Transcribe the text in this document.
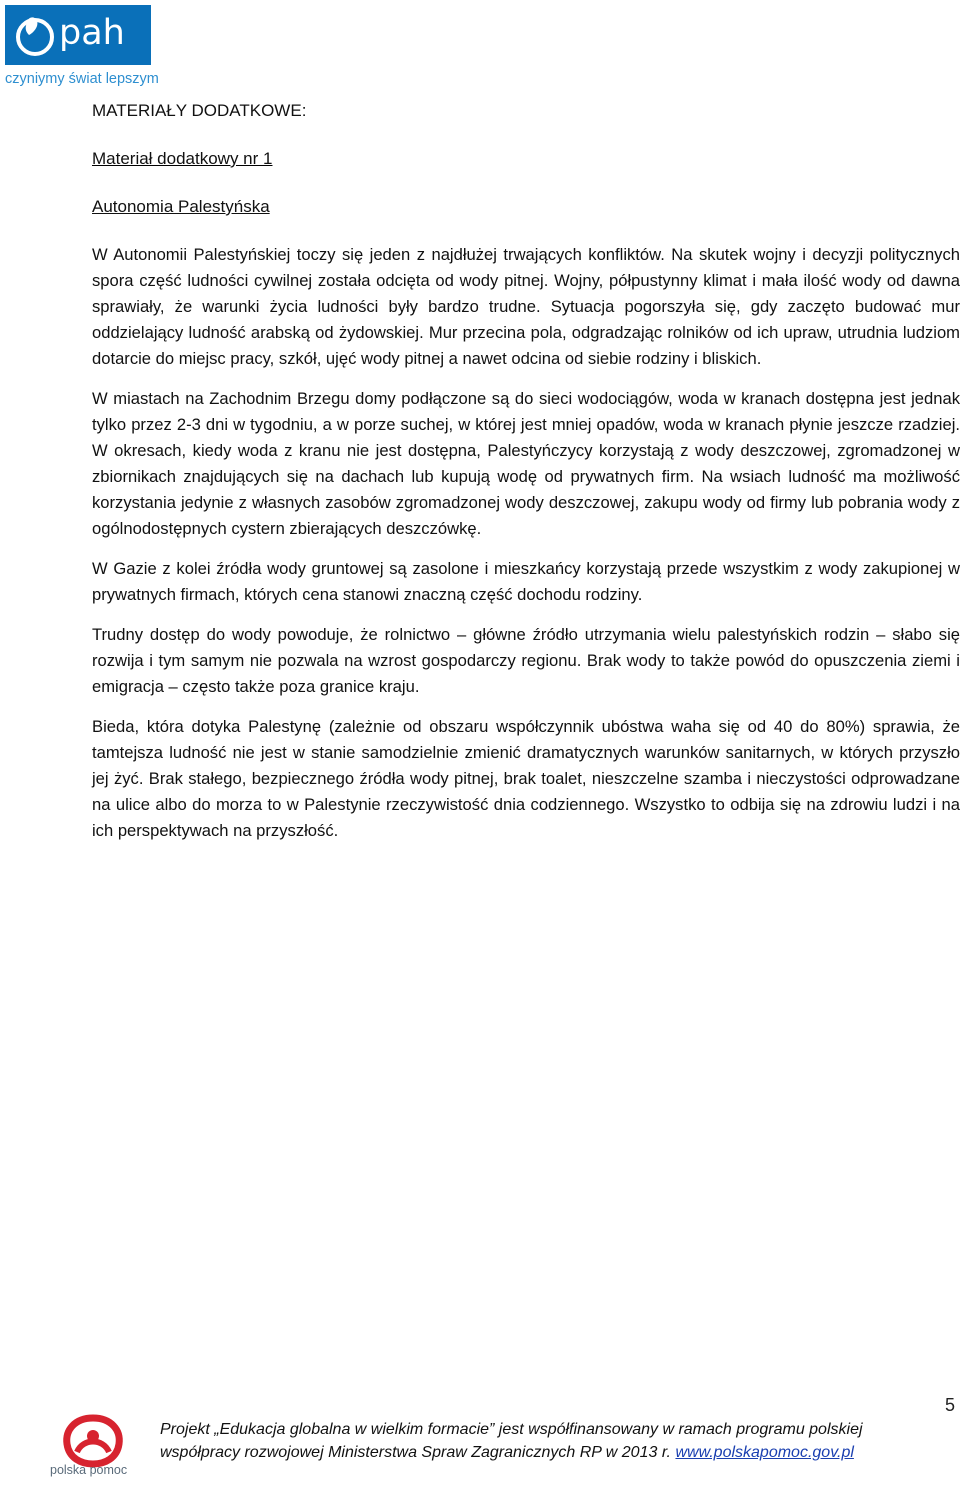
pah
czyniymy świat lepszym

MATERIAŁY DODATKOWE:

Materiał dodatkowy nr 1

Autonomia Palestyńska

W Autonomii Palestyńskiej toczy się jeden z najdłużej trwających konfliktów. Na skutek wojny i decyzji politycznych spora część ludności cywilnej została odcięta od wody pitnej. Wojny, półpustynny klimat i mała ilość wody od dawna sprawiały, że warunki życia ludności były bardzo trudne. Sytuacja pogorszyła się, gdy zaczęto budować mur oddzielający ludność arabską od żydowskiej. Mur przecina pola, odgradzając rolników od ich upraw, utrudnia ludziom dotarcie do miejsc pracy, szkół, ujęć wody pitnej a nawet odcina od siebie rodziny i bliskich.

W miastach na Zachodnim Brzegu domy podłączone są do sieci wodociągów, woda w kranach dostępna jest jednak tylko przez 2-3 dni w tygodniu, a w porze suchej, w której jest mniej opadów, woda w kranach płynie jeszcze rzadziej. W okresach, kiedy woda z kranu nie jest dostępna, Palestyńczycy korzystają z wody deszczowej, zgromadzonej w zbiornikach znajdujących się na dachach lub kupują wodę od prywatnych firm. Na wsiach ludność ma możliwość korzystania jedynie z własnych zasobów zgromadzonej wody deszczowej, zakupu wody od firmy lub pobrania wody z ogólnodostępnych cystern zbierających deszczówkę.

W Gazie z kolei źródła wody gruntowej są zasolone i mieszkańcy korzystają przede wszystkim z wody zakupionej w prywatnych firmach, których cena stanowi znaczną część dochodu rodziny.

Trudny dostęp do wody powoduje, że rolnictwo – główne źródło utrzymania wielu palestyńskich rodzin – słabo się rozwija i tym samym nie pozwala na wzrost gospodarczy regionu. Brak wody to także powód do opuszczenia ziemi i emigracja – często także poza granice kraju.

Bieda, która dotyka Palestynę (zależnie od obszaru współczynnik ubóstwa waha się od 40 do 80%) sprawia, że tamtejsza ludność nie jest w stanie samodzielnie zmienić dramatycznych warunków sanitarnych, w których przyszło jej żyć. Brak stałego, bezpiecznego źródła wody pitnej, brak toalet, nieszczelne szamba i nieczystości odprowadzane na ulice albo do morza to w Palestynie rzeczywistość dnia codziennego. Wszystko to odbija się na zdrowiu ludzi i na ich perspektywach na przyszłość.

5
polska pomoc
Projekt „Edukacja globalna w wielkim formacie” jest współfinansowany w ramach programu polskiej
współpracy rozwojowej Ministerstwa Spraw Zagranicznych RP w 2013 r. www.polskapomoc.gov.pl
